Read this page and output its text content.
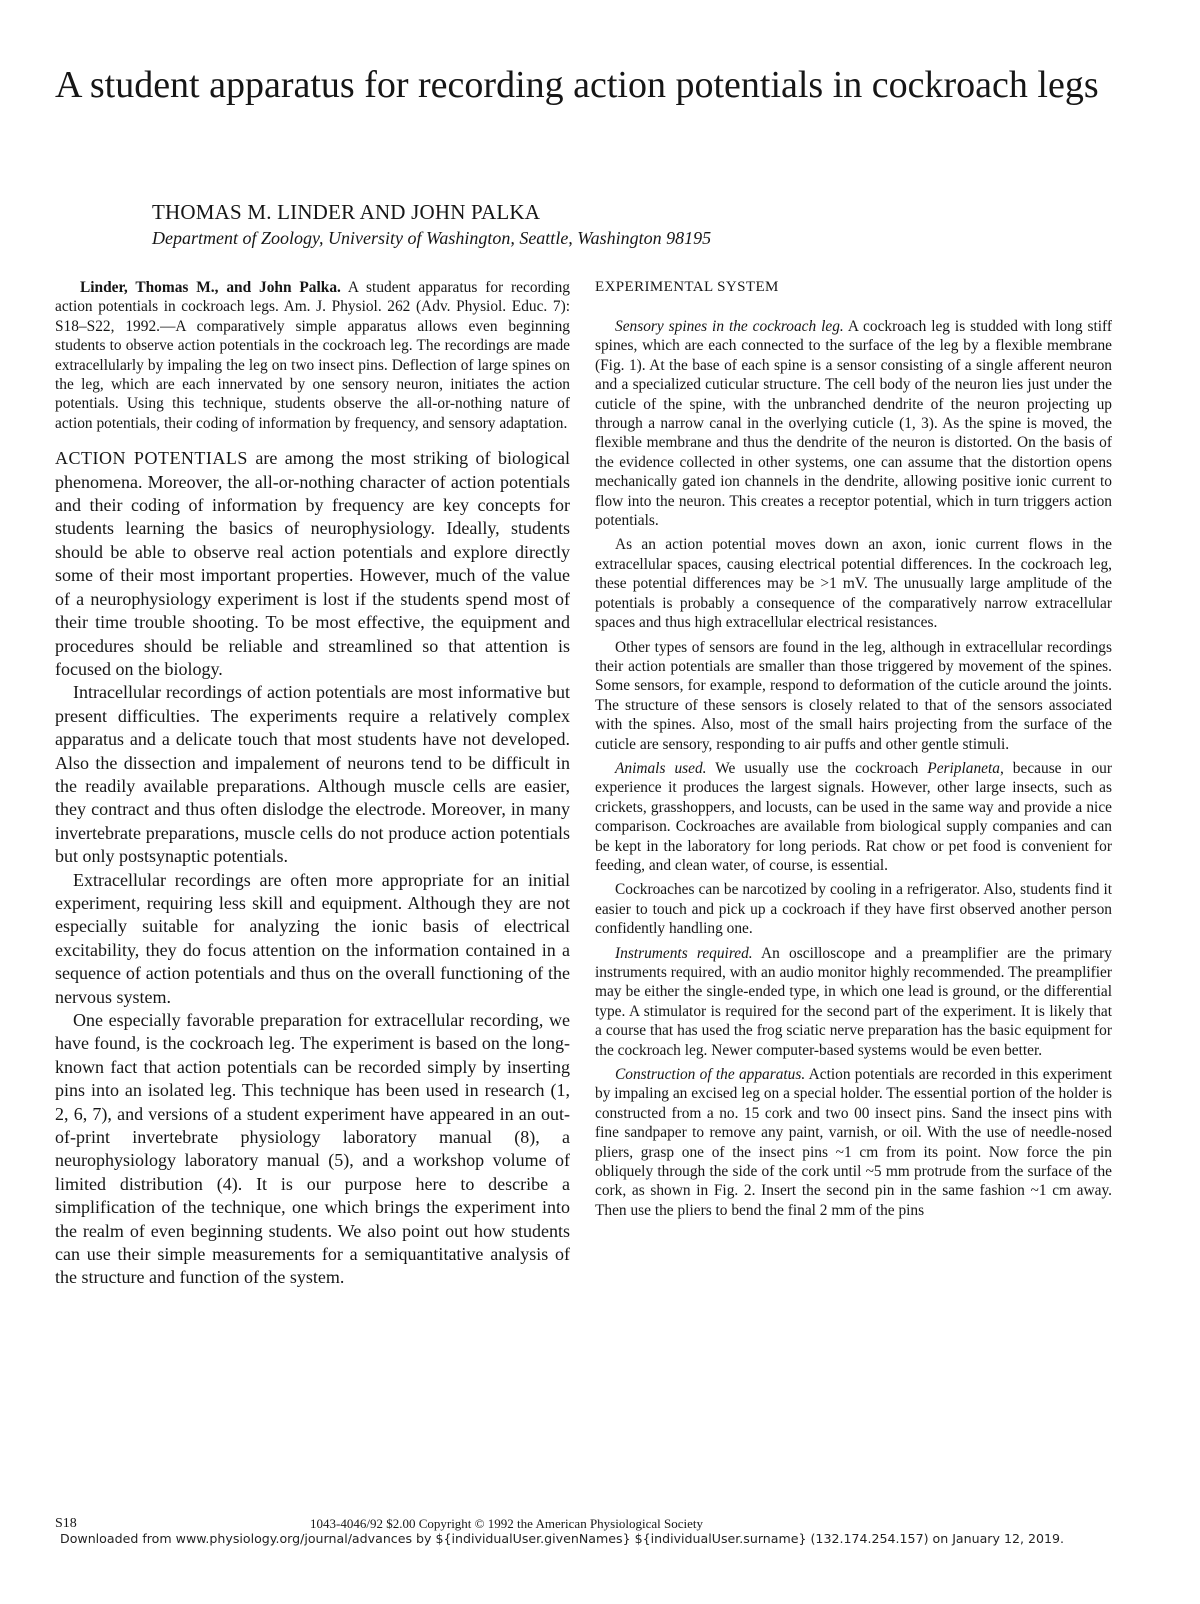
A student apparatus for recording action potentials in cockroach legs
THOMAS M. LINDER AND JOHN PALKA
Department of Zoology, University of Washington, Seattle, Washington 98195

Linder, Thomas M., and John Palka. A student apparatus for recording action potentials in cockroach legs. Am. J. Physiol. 262 (Adv. Physiol. Educ. 7): S18–S22, 1992.—A comparatively simple apparatus allows even beginning students to observe action potentials in the cockroach leg. The recordings are made extracellularly by impaling the leg on two insect pins. Deflection of large spines on the leg, which are each innervated by one sensory neuron, initiates the action potentials. Using this technique, students observe the all-or-nothing nature of action potentials, their coding of information by frequency, and sensory adaptation.

ACTION POTENTIALS are among the most striking of biological phenomena. Moreover, the all-or-nothing character of action potentials and their coding of information by frequency are key concepts for students learning the basics of neurophysiology. Ideally, students should be able to observe real action potentials and explore directly some of their most important properties. However, much of the value of a neurophysiology experiment is lost if the students spend most of their time trouble shooting. To be most effective, the equipment and procedures should be reliable and streamlined so that attention is focused on the biology.

Intracellular recordings of action potentials are most informative but present difficulties. The experiments require a relatively complex apparatus and a delicate touch that most students have not developed. Also the dissection and impalement of neurons tend to be difficult in the readily available preparations. Although muscle cells are easier, they contract and thus often dislodge the electrode. Moreover, in many invertebrate preparations, muscle cells do not produce action potentials but only postsynaptic potentials.

Extracellular recordings are often more appropriate for an initial experiment, requiring less skill and equipment. Although they are not especially suitable for analyzing the ionic basis of electrical excitability, they do focus attention on the information contained in a sequence of action potentials and thus on the overall functioning of the nervous system.

One especially favorable preparation for extracellular recording, we have found, is the cockroach leg. The experiment is based on the long-known fact that action potentials can be recorded simply by inserting pins into an isolated leg. This technique has been used in research (1, 2, 6, 7), and versions of a student experiment have appeared in an out-of-print invertebrate physiology laboratory manual (8), a neurophysiology laboratory manual (5), and a workshop volume of limited distribution (4). It is our purpose here to describe a simplification of the technique, one which brings the experiment into the realm of even beginning students. We also point out how students can use their simple measurements for a semiquantitative analysis of the structure and function of the system.

EXPERIMENTAL SYSTEM

Sensory spines in the cockroach leg. A cockroach leg is studded with long stiff spines, which are each connected to the surface of the leg by a flexible membrane (Fig. 1). At the base of each spine is a sensor consisting of a single afferent neuron and a specialized cuticular structure. The cell body of the neuron lies just under the cuticle of the spine, with the unbranched dendrite of the neuron projecting up through a narrow canal in the overlying cuticle (1, 3). As the spine is moved, the flexible membrane and thus the dendrite of the neuron is distorted. On the basis of the evidence collected in other systems, one can assume that the distortion opens mechanically gated ion channels in the dendrite, allowing positive ionic current to flow into the neuron. This creates a receptor potential, which in turn triggers action potentials.

As an action potential moves down an axon, ionic current flows in the extracellular spaces, causing electrical potential differences. In the cockroach leg, these potential differences may be >1 mV. The unusually large amplitude of the potentials is probably a consequence of the comparatively narrow extracellular spaces and thus high extracellular electrical resistances.

Other types of sensors are found in the leg, although in extracellular recordings their action potentials are smaller than those triggered by movement of the spines. Some sensors, for example, respond to deformation of the cuticle around the joints. The structure of these sensors is closely related to that of the sensors associated with the spines. Also, most of the small hairs projecting from the surface of the cuticle are sensory, responding to air puffs and other gentle stimuli.

Animals used. We usually use the cockroach Periplaneta, because in our experience it produces the largest signals. However, other large insects, such as crickets, grasshoppers, and locusts, can be used in the same way and provide a nice comparison. Cockroaches are available from biological supply companies and can be kept in the laboratory for long periods. Rat chow or pet food is convenient for feeding, and clean water, of course, is essential.

Cockroaches can be narcotized by cooling in a refrigerator. Also, students find it easier to touch and pick up a cockroach if they have first observed another person confidently handling one.

Instruments required. An oscilloscope and a preamplifier are the primary instruments required, with an audio monitor highly recommended. The preamplifier may be either the single-ended type, in which one lead is ground, or the differential type. A stimulator is required for the second part of the experiment. It is likely that a course that has used the frog sciatic nerve preparation has the basic equipment for the cockroach leg. Newer computer-based systems would be even better.

Construction of the apparatus. Action potentials are recorded in this experiment by impaling an excised leg on a special holder. The essential portion of the holder is constructed from a no. 15 cork and two 00 insect pins. Sand the insect pins with fine sandpaper to remove any paint, varnish, or oil. With the use of needle-nosed pliers, grasp one of the insect pins ~1 cm from its point. Now force the pin obliquely through the side of the cork until ~5 mm protrude from the surface of the cork, as shown in Fig. 2. Insert the second pin in the same fashion ~1 cm away. Then use the pliers to bend the final 2 mm of the pins

S18	1043-4046/92 $2.00 Copyright © 1992 the American Physiological Society
Downloaded from www.physiology.org/journal/advances by ${individualUser.givenNames} ${individualUser.surname} (132.174.254.157) on January 12, 2019.
